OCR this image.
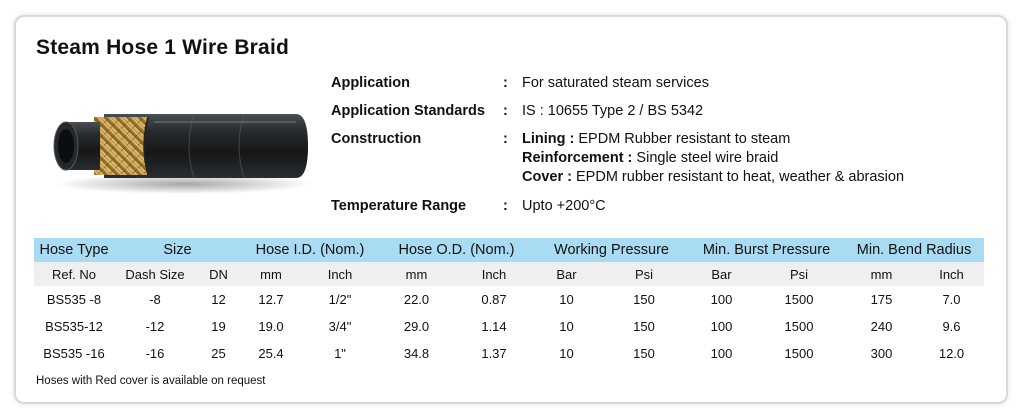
Steam Hose 1 Wire Braid
Application	: For saturated steam services
Application Standards : IS : 10655 Type 2 / BS 5342
Construction	: Lining : EPDM Rubber resistant to steam
Reinforcement : Single steel wire braid
Cover : EPDM rubber resistant to heat, weather & abrasion
Temperature Range	: Upto +200°C
Hose Type	Size		Hose I.D. (Nom.)		Hose O.D. (Nom.)		Working Pressure		Min. Burst Pressure		Min. Bend Radius	
Ref. No	Dash Size	DN	mm	Inch	mm	Inch	Bar	Psi	Bar	Psi	mm	Inch
BS535 -8	-8	12	12.7	1/2"	22.0	0.87	10	150	100	1500	175	7.0
BS535-12	-12	19	19.0	3/4"	29.0	1.14	10	150	100	1500	240	9.6
BS535 -16	-16	25	25.4	1"	34.8	1.37	10	150	100	1500	300	12.0
Hoses with Red cover is available on request
